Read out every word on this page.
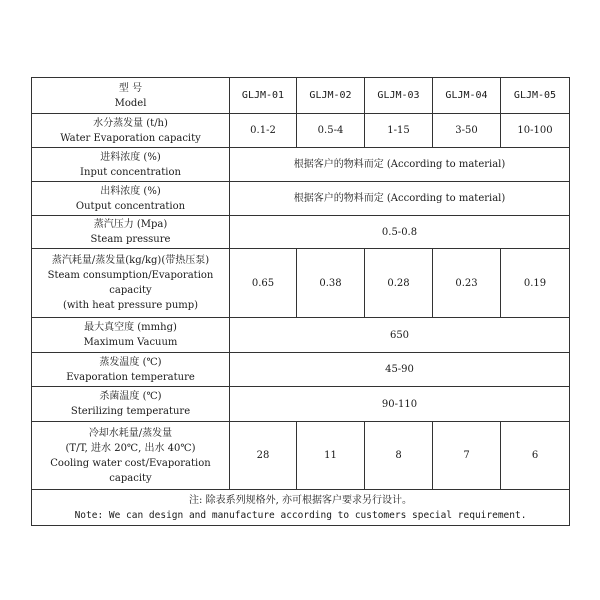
型 号
Model	GLJM-01	GLJM-02	GLJM-03	GLJM-04	GLJM-05

水分蒸发量 (t/h)
Water Evaporation capacity	0.1-2	0.5-4	1-15	3-50	10-100

进料浓度 (%)
Input concentration	根据客户的物料而定 (According to material)				

出料浓度 (%)
Output concentration	根据客户的物料而定 (According to material)				

蒸汽压力 (Mpa)
Steam pressure	0.5-0.8				

蒸汽耗量/蒸发量(kg/kg)(带热压泵)
Steam consumption/Evaporation
capacity
(with heat pressure pump)	0.65	0.38	0.28	0.23	0.19

最大真空度 (mmhg)
Maximum Vacuum	650				

蒸发温度 (℃)
Evaporation temperature	45-90				

杀菌温度 (℃)
Sterilizing temperature	90-110				

冷却水耗量/蒸发量
(T/T, 进水 20℃, 出水 40℃)
Cooling water cost/Evaporation
capacity	28	11	8	7	6

注: 除表系列规格外, 亦可根据客户要求另行设计。
Note: We can design and manufacture according to customers special requirement.					
